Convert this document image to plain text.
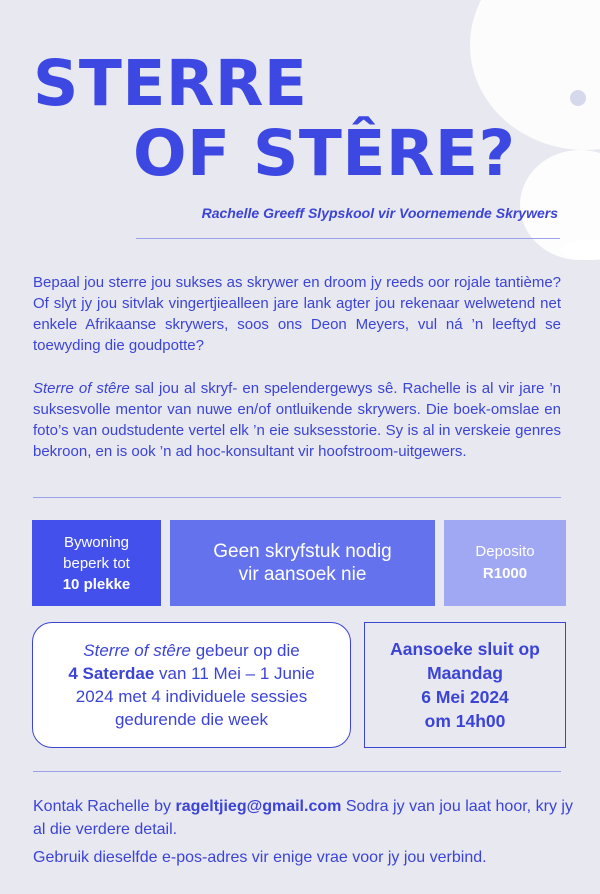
STERRE
OF STÊRE?
Rachelle Greeff Slypskool vir Voornemende Skrywers

Bepaal jou sterre jou sukses as skrywer en droom jy reeds oor rojale tantième? Of slyt jy jou sitvlak vingertjiealleen jare lank agter jou rekenaar welwetend net enkele Afrikaanse skrywers, soos ons Deon Meyers, vul ná ’n leeftyd se toewyding die goudpotte?

Sterre of stêre sal jou al skryf- en spelendergewys sê. Rachelle is al vir jare ’n suksesvolle mentor van nuwe en/of ontluikende skrywers. Die boek-omslae en foto’s van oudstudente vertel elk ’n eie suksesstorie. Sy is al in verskeie genres bekroon, en is ook ’n ad hoc-konsultant vir hoofstroom-uitgewers.

Bywoning
beperk tot
10 plekke
Geen skryfstuk nodig
vir aansoek nie
Deposito
R1000
Sterre of stêre gebeur op die
4 Saterdae van 11 Mei – 1 Junie
2024 met 4 individuele sessies
gedurende die week
Aansoeke sluit op
Maandag
6 Mei 2024
om 14h00

Kontak Rachelle by rageltjieg@gmail.com Sodra jy van jou laat hoor, kry jy al die verdere detail.

Gebruik dieselfde e-pos-adres vir enige vrae voor jy jou verbind.
